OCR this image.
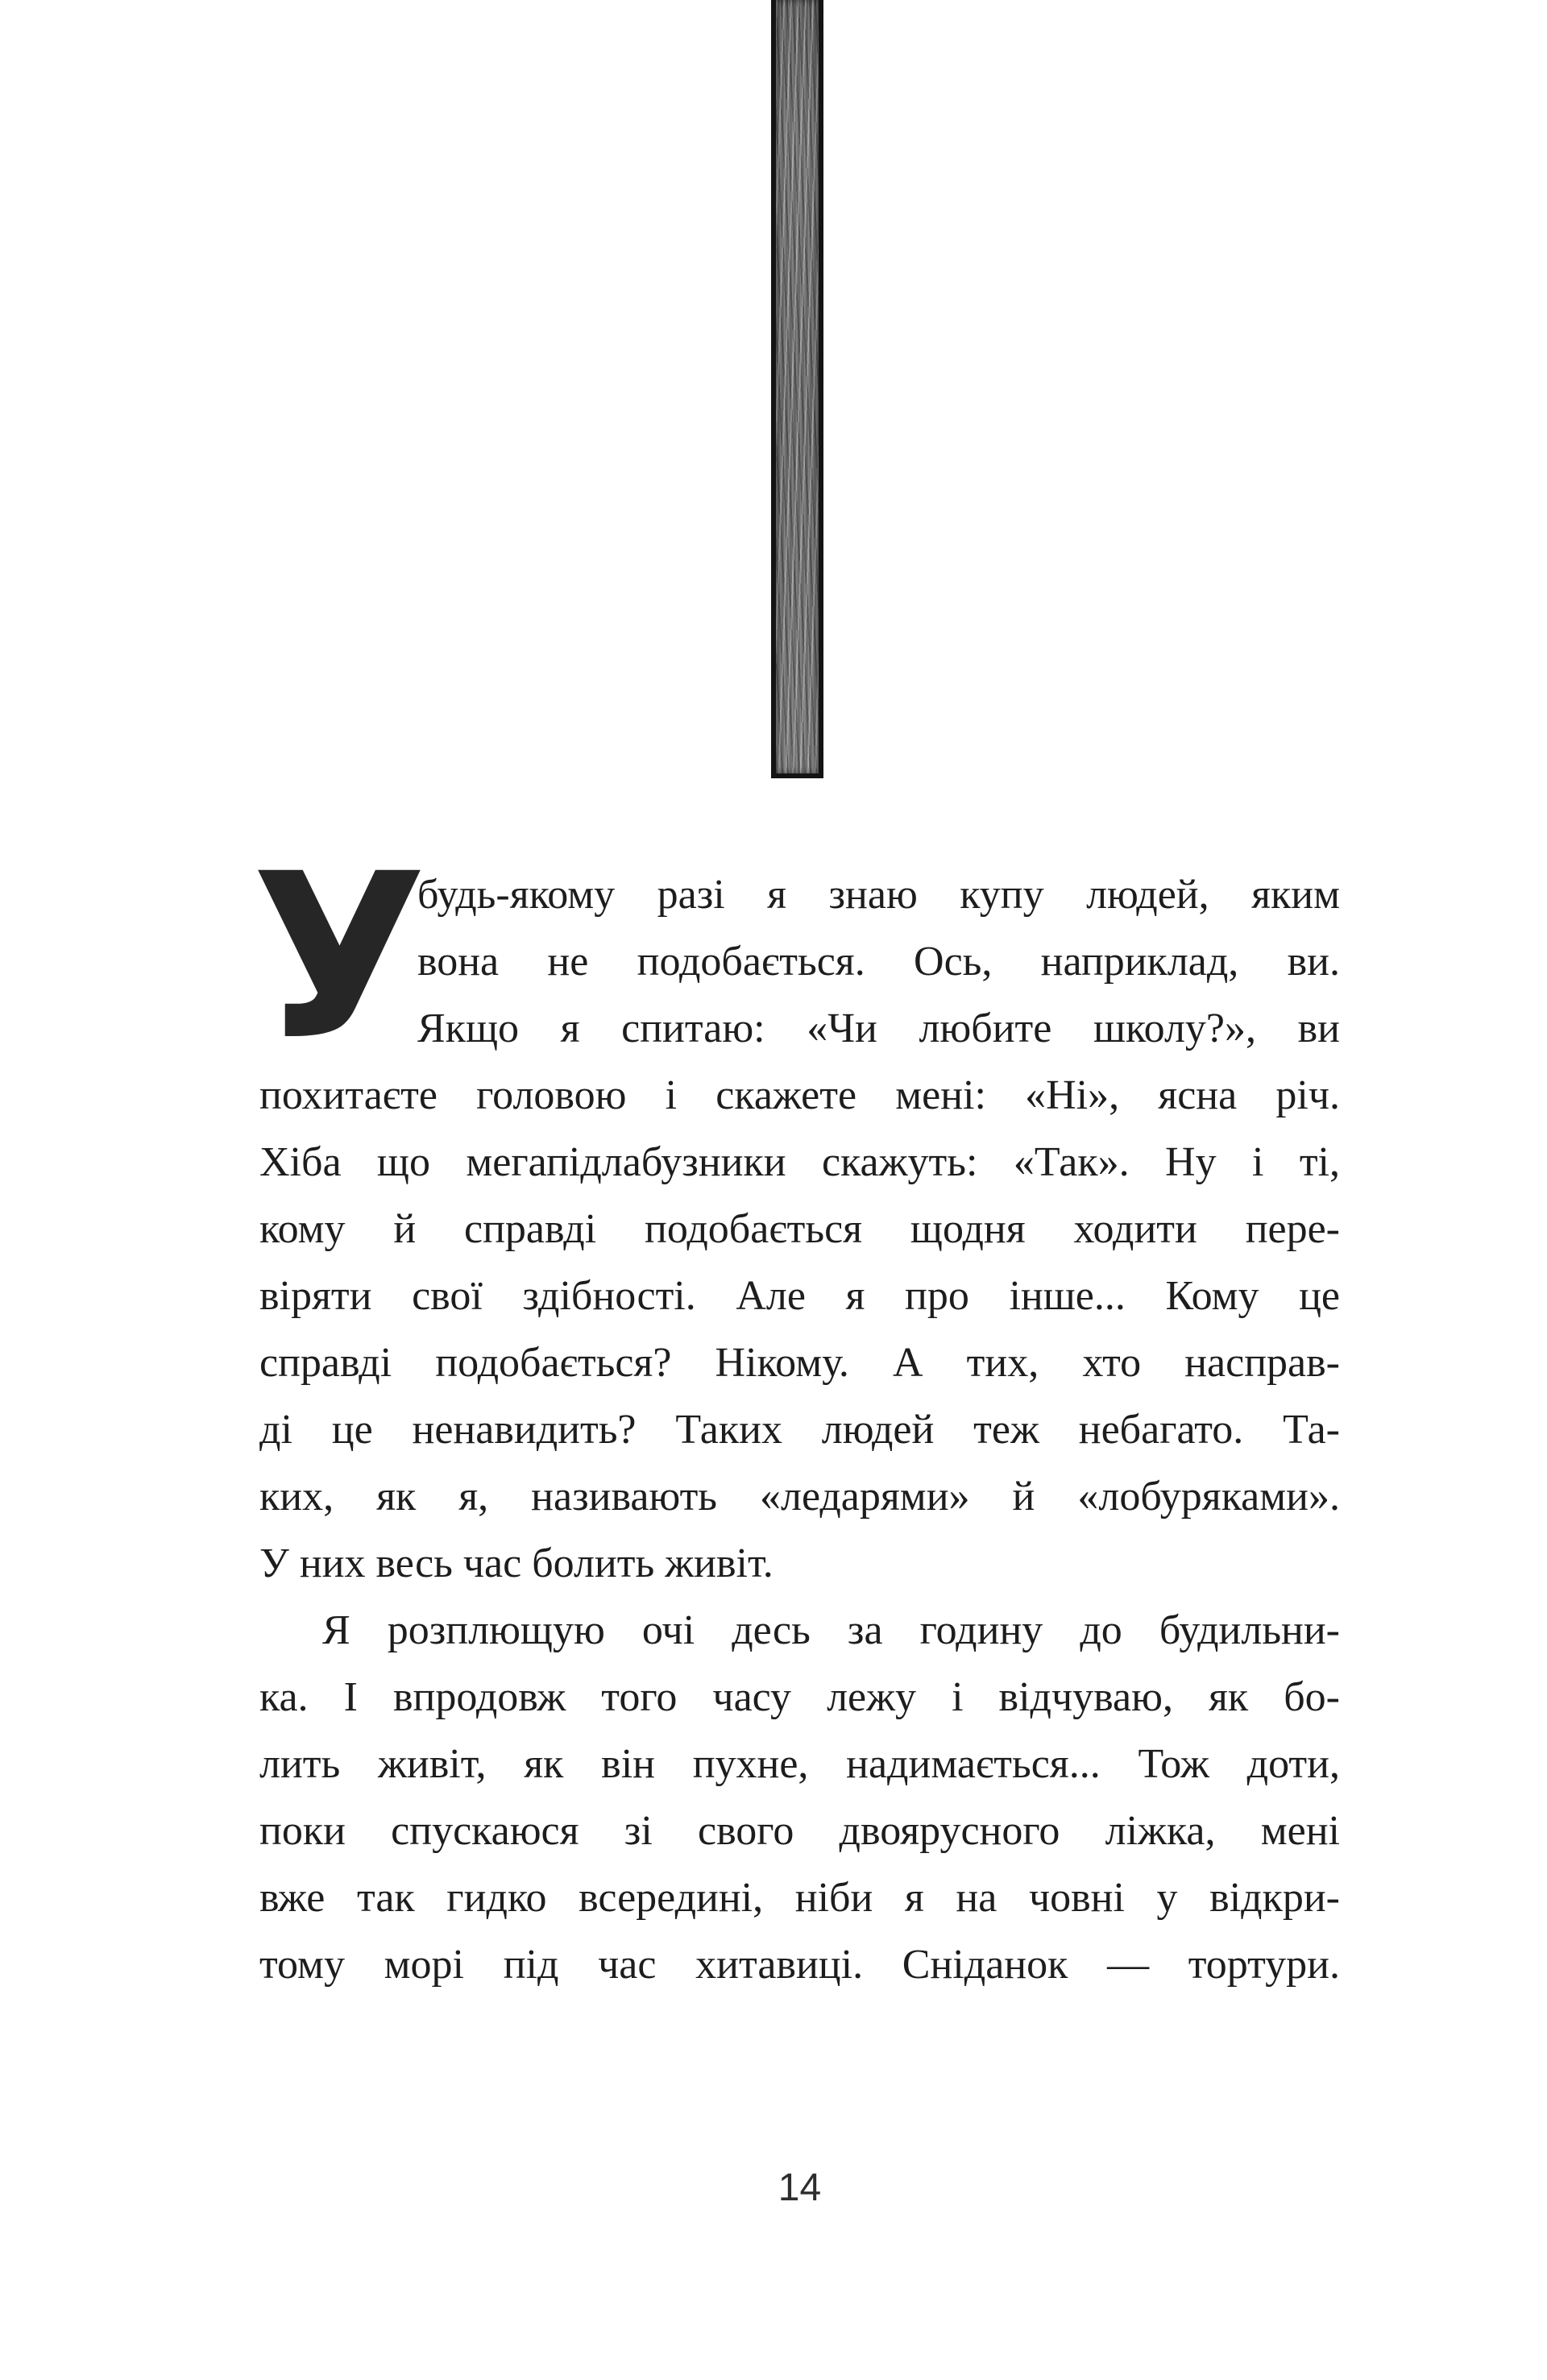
У
будь-якому разі я знаю купу людей, яким
вона не подобається. Ось, наприклад, ви.
Якщо я спитаю: «Чи любите школу?», ви
похитаєте головою і скажете мені: «Ні», ясна річ.
Хіба що мегапідлабузники скажуть: «Так». Ну і ті,
кому й справді подобається щодня ходити пере-
віряти свої здібності. Але я про інше... Кому це
справді подобається? Нікому. А тих, хто насправ-
ді це ненавидить? Таких людей теж небагато. Та-
ких, як я, називають «ледарями» й «лобуряками».
У них весь час болить живіт.
Я розплющую очі десь за годину до будильни-
ка. І впродовж того часу лежу і відчуваю, як бо-
лить живіт, як він пухне, надимається... Тож доти,
поки спускаюся зі свого двоярусного ліжка, мені
вже так гидко всередині, ніби я на човні у відкри-
тому морі під час хитавиці. Сніданок — тортури.
14
